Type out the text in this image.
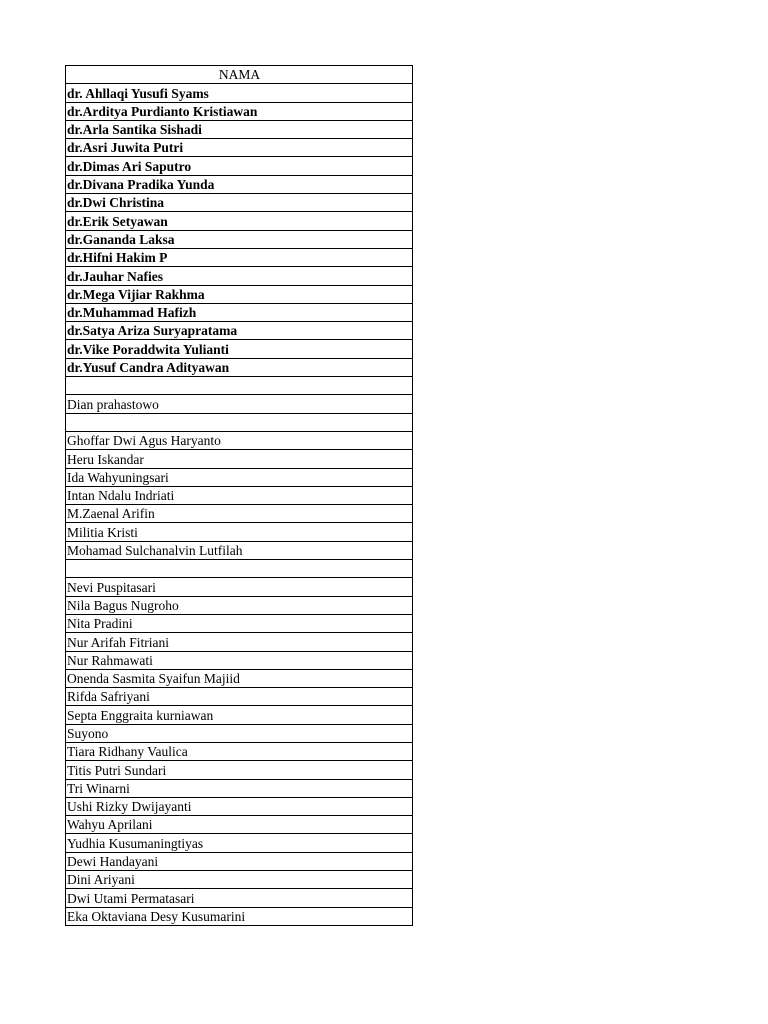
NAMA
dr. Ahllaqi Yusufi Syams
dr.Arditya Purdianto Kristiawan
dr.Arla Santika Sishadi
dr.Asri Juwita Putri
dr.Dimas Ari Saputro
dr.Divana Pradika Yunda
dr.Dwi Christina
dr.Erik Setyawan
dr.Gananda Laksa
dr.Hifni Hakim P
dr.Jauhar Nafies
dr.Mega Vijiar Rakhma
dr.Muhammad Hafizh
dr.Satya Ariza Suryapratama
dr.Vike Poraddwita Yulianti
dr.Yusuf Candra Adityawan

Dian prahastowo

Ghoffar Dwi Agus Haryanto
Heru Iskandar
Ida Wahyuningsari
Intan Ndalu Indriati
M.Zaenal Arifin
Militia Kristi
Mohamad Sulchanalvin Lutfilah

Nevi Puspitasari
Nila Bagus Nugroho
Nita Pradini
Nur Arifah Fitriani
Nur Rahmawati
Onenda Sasmita Syaifun Majiid
Rifda Safriyani
Septa Enggraita kurniawan
Suyono
Tiara Ridhany Vaulica
Titis Putri Sundari
Tri Winarni
Ushi Rizky Dwijayanti
Wahyu Aprilani
Yudhia Kusumaningtiyas
Dewi Handayani
Dini Ariyani
Dwi Utami Permatasari
Eka Oktaviana Desy Kusumarini
